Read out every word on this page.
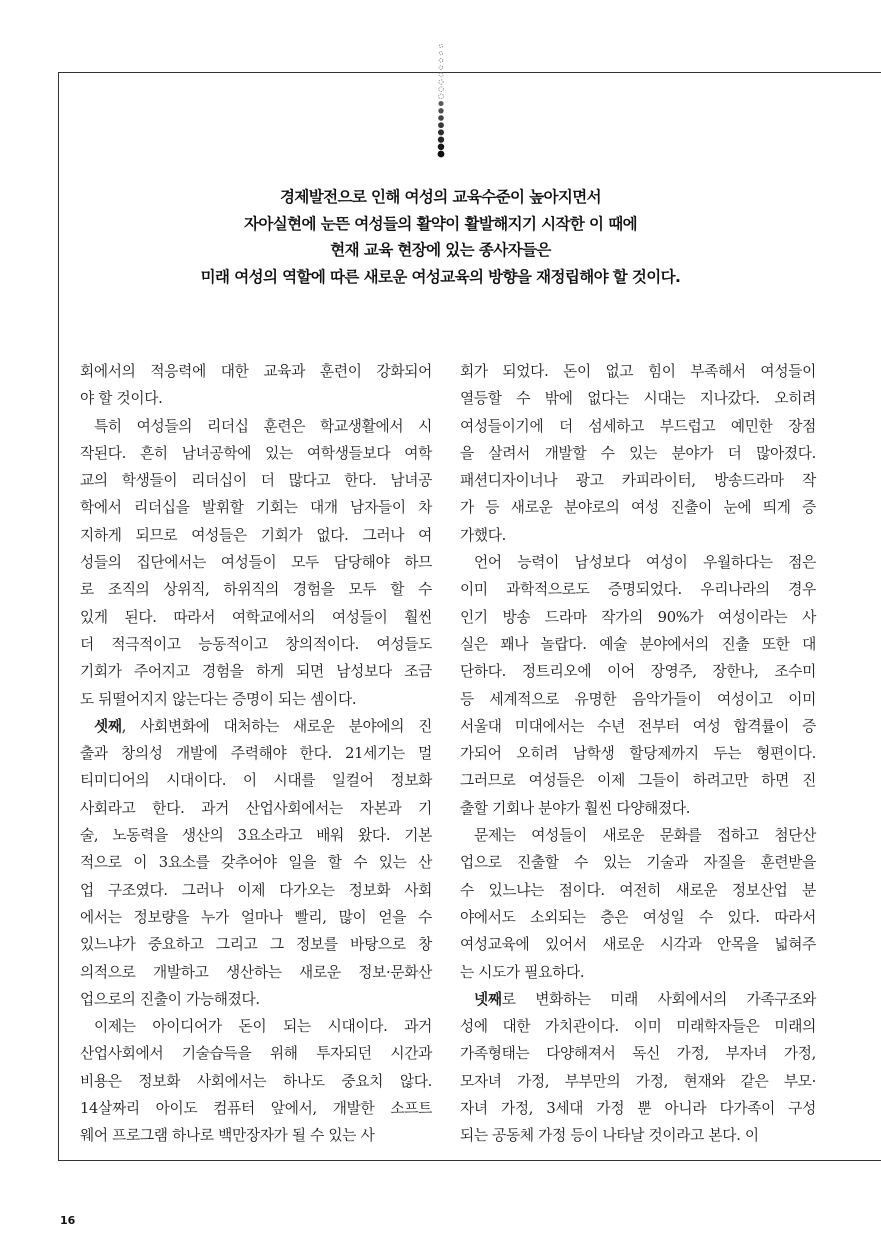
경제발전으로 인해 여성의 교육수준이 높아지면서
자아실현에 눈뜬 여성들의 활약이 활발해지기 시작한 이 때에
현재 교육 현장에 있는 종사자들은
미래 여성의 역할에 따른 새로운 여성교육의 방향을 재정립해야 할 것이다.
회에서의 적응력에 대한 교육과 훈련이 강화되어
야 할 것이다.
특히 여성들의 리더십 훈련은 학교생활에서 시
작된다. 흔히 남녀공학에 있는 여학생들보다 여학
교의 학생들이 리더십이 더 많다고 한다. 남녀공
학에서 리더십을 발휘할 기회는 대개 남자들이 차
지하게 되므로 여성들은 기회가 없다. 그러나 여
성들의 집단에서는 여성들이 모두 담당해야 하므
로 조직의 상위직, 하위직의 경험을 모두 할 수
있게 된다. 따라서 여학교에서의 여성들이 훨씬
더 적극적이고 능동적이고 창의적이다. 여성들도
기회가 주어지고 경험을 하게 되면 남성보다 조금
도 뒤떨어지지 않는다는 증명이 되는 셈이다.
셋째, 사회변화에 대처하는 새로운 분야에의 진
출과 창의성 개발에 주력해야 한다. 21세기는 멀
티미디어의 시대이다. 이 시대를 일컬어 정보화
사회라고 한다. 과거 산업사회에서는 자본과 기
술, 노동력을 생산의 3요소라고 배워 왔다. 기본
적으로 이 3요소를 갖추어야 일을 할 수 있는 산
업 구조였다. 그러나 이제 다가오는 정보화 사회
에서는 정보량을 누가 얼마나 빨리, 많이 얻을 수
있느냐가 중요하고 그리고 그 정보를 바탕으로 창
의적으로 개발하고 생산하는 새로운 정보·문화산
업으로의 진출이 가능해졌다.
이제는 아이디어가 돈이 되는 시대이다. 과거
산업사회에서 기술습득을 위해 투자되던 시간과
비용은 정보화 사회에서는 하나도 중요치 않다.
14살짜리 아이도 컴퓨터 앞에서, 개발한 소프트
웨어 프로그램 하나로 백만장자가 될 수 있는 사
회가 되었다. 돈이 없고 힘이 부족해서 여성들이
열등할 수 밖에 없다는 시대는 지나갔다. 오히려
여성들이기에 더 섬세하고 부드럽고 예민한 장점
을 살려서 개발할 수 있는 분야가 더 많아졌다.
패션디자이너나 광고 카피라이터, 방송드라마 작
가 등 새로운 분야로의 여성 진출이 눈에 띄게 증
가했다.
언어 능력이 남성보다 여성이 우월하다는 점은
이미 과학적으로도 증명되었다. 우리나라의 경우
인기 방송 드라마 작가의 90%가 여성이라는 사
실은 꽤나 놀랍다. 예술 분야에서의 진출 또한 대
단하다. 정트리오에 이어 장영주, 장한나, 조수미
등 세계적으로 유명한 음악가들이 여성이고 이미
서울대 미대에서는 수년 전부터 여성 합격률이 증
가되어 오히려 남학생 할당제까지 두는 형편이다.
그러므로 여성들은 이제 그들이 하려고만 하면 진
출할 기회나 분야가 훨씬 다양해졌다.
문제는 여성들이 새로운 문화를 접하고 첨단산
업으로 진출할 수 있는 기술과 자질을 훈련받을
수 있느냐는 점이다. 여전히 새로운 정보산업 분
야에서도 소외되는 층은 여성일 수 있다. 따라서
여성교육에 있어서 새로운 시각과 안목을 넓혀주
는 시도가 필요하다.
넷째로 변화하는 미래 사회에서의 가족구조와
성에 대한 가치관이다. 이미 미래학자들은 미래의
가족형태는 다양해져서 독신 가정, 부자녀 가정,
모자녀 가정, 부부만의 가정, 현재와 같은 부모·
자녀 가정, 3세대 가정 뿐 아니라 다가족이 구성
되는 공동체 가정 등이 나타날 것이라고 본다. 이
16
